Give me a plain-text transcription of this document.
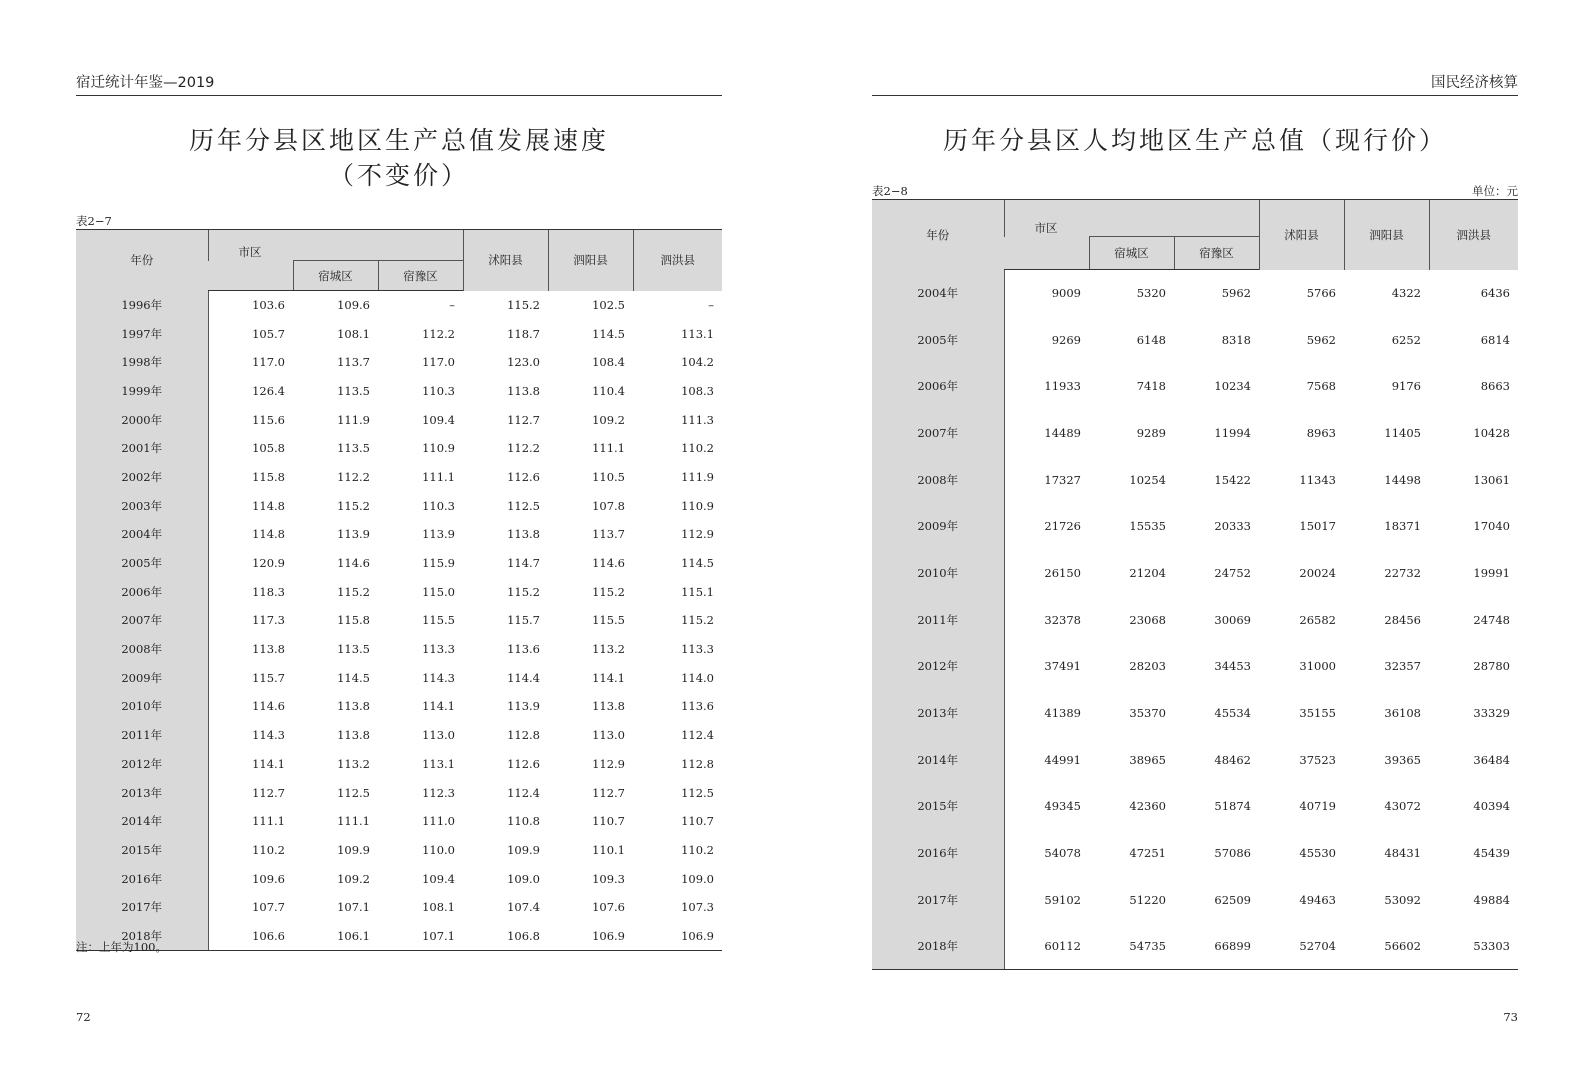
宿迁统计年鉴—2019
历年分县区地区生产总值发展速度
（不变价）
表2−7
年份	市区			沭阳县	泗阳县	泗洪县
		宿城区	宿豫区			
1996年	103.6	109.6	–	115.2	102.5	–
1997年	105.7	108.1	112.2	118.7	114.5	113.1
1998年	117.0	113.7	117.0	123.0	108.4	104.2
1999年	126.4	113.5	110.3	113.8	110.4	108.3
2000年	115.6	111.9	109.4	112.7	109.2	111.3
2001年	105.8	113.5	110.9	112.2	111.1	110.2
2002年	115.8	112.2	111.1	112.6	110.5	111.9
2003年	114.8	115.2	110.3	112.5	107.8	110.9
2004年	114.8	113.9	113.9	113.8	113.7	112.9
2005年	120.9	114.6	115.9	114.7	114.6	114.5
2006年	118.3	115.2	115.0	115.2	115.2	115.1
2007年	117.3	115.8	115.5	115.7	115.5	115.2
2008年	113.8	113.5	113.3	113.6	113.2	113.3
2009年	115.7	114.5	114.3	114.4	114.1	114.0
2010年	114.6	113.8	114.1	113.9	113.8	113.6
2011年	114.3	113.8	113.0	112.8	113.0	112.4
2012年	114.1	113.2	113.1	112.6	112.9	112.8
2013年	112.7	112.5	112.3	112.4	112.7	112.5
2014年	111.1	111.1	111.0	110.8	110.7	110.7
2015年	110.2	109.9	110.0	109.9	110.1	110.2
2016年	109.6	109.2	109.4	109.0	109.3	109.0
2017年	107.7	107.1	108.1	107.4	107.6	107.3
2018年	106.6	106.1	107.1	106.8	106.9	106.9
注：上年为100。
72
国民经济核算
历年分县区人均地区生产总值（现行价）
表2−8	单位：元
年份	市区			沭阳县	泗阳县	泗洪县
		宿城区	宿豫区			
2004年	9009	5320	5962	5766	4322	6436
2005年	9269	6148	8318	5962	6252	6814
2006年	11933	7418	10234	7568	9176	8663
2007年	14489	9289	11994	8963	11405	10428
2008年	17327	10254	15422	11343	14498	13061
2009年	21726	15535	20333	15017	18371	17040
2010年	26150	21204	24752	20024	22732	19991
2011年	32378	23068	30069	26582	28456	24748
2012年	37491	28203	34453	31000	32357	28780
2013年	41389	35370	45534	35155	36108	33329
2014年	44991	38965	48462	37523	39365	36484
2015年	49345	42360	51874	40719	43072	40394
2016年	54078	47251	57086	45530	48431	45439
2017年	59102	51220	62509	49463	53092	49884
2018年	60112	54735	66899	52704	56602	53303
73
